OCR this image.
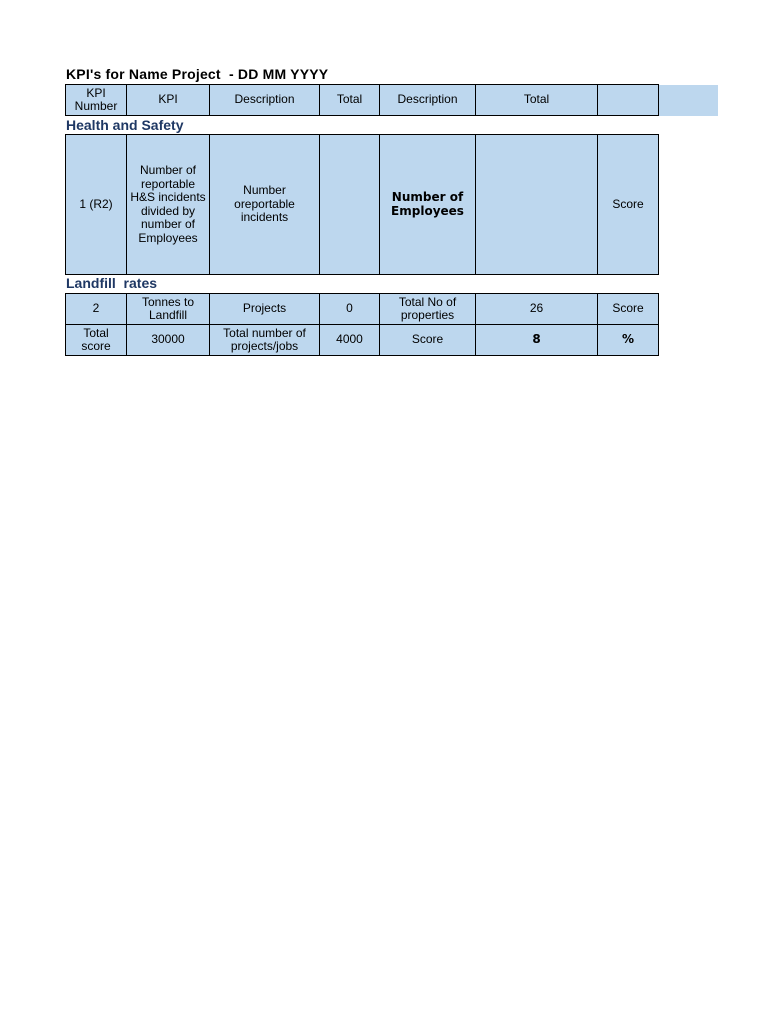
KPI's for Name Project  - DD MM YYYY
KPI Number	KPI	Description	Total	Description	Total	
Health and Safety
1 (R2)	Number of reportable H&S incidents divided by number of Employees	Number oreportable incidents		Number of Employees		Score
Landfill  rates
2	Tonnes to Landfill	Projects	0	Total No of properties	26	Score
Total score	30000	Total number of projects/jobs	4000	Score	8	%
